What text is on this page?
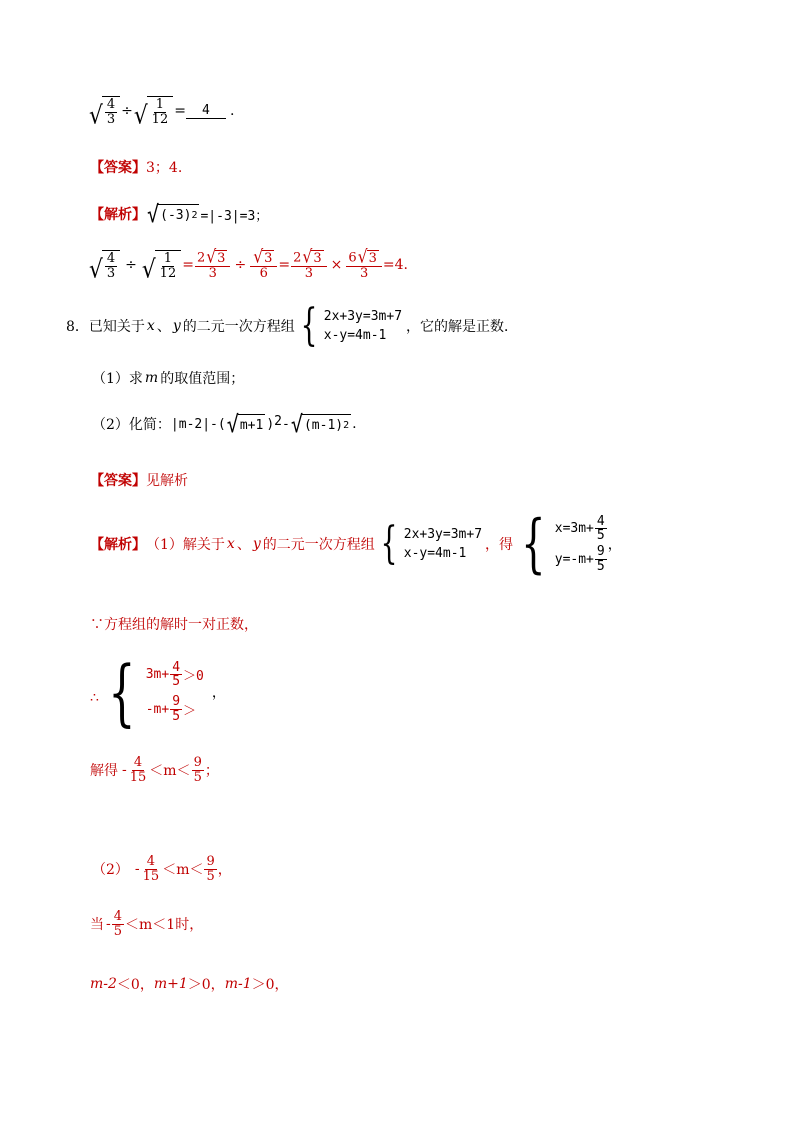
√ $\frac{4}{3}$ ÷ √ $\frac{1}{12}$ =	4	.
【答案】 3；4.
【解析】 √ (-3) 2 =|-3|=3；
√ $\frac{4}{3}$ ÷ √ $\frac{1}{12} = \frac{2 √ 3}{3} \div \frac{√ 3}{6} = \frac{2 √ 3}{3} \times \frac{6 √ 3}{3} =4$.
8． 已知关于 x 、 y 的二元一次方程组 { 2x+3y=3m+7
x-y=4m-1
，它的解是正数．
（1）求 m 的取值范围；
（2）化简： |m-2|-( √ m+1 ) 2 - √ (m-1) 2 .
【答案】 见解析
【解析】 （1）解关于 x 、 y 的二元一次方程组 { 2x+3y=3m+7
x-y=4m-1
，得 { $x=3m+ \frac{4}{5}$
$y=-m+ \frac{9}{5}$ ，
∵方程组的解时一对正数，
∴ { $3m+ \frac{4}{5} >0$
$-m+ \frac{9}{5}$ ＞
，
解得 - $\frac{4}{15} <m< \frac{9}{5}$ ；
$(2) - \frac{4}{15} <m< \frac{9}{5}$ ，
当 - $\frac{4}{5} <m<1$时，
m-2 ＜0， m+1 ＞0， m-1 ＞0，
